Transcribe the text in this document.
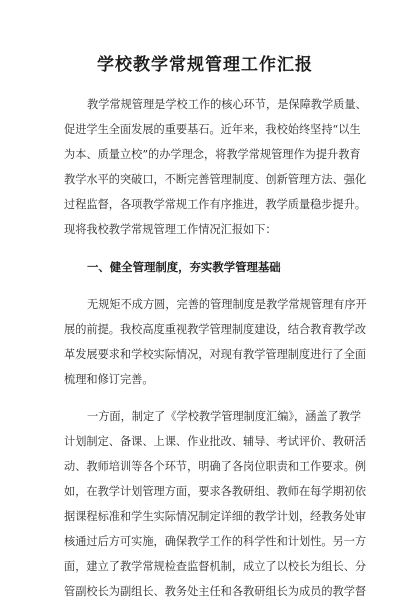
学校教学常规管理工作汇报
教学常规管理是学校工作的核心环节，是保障教学质量、
促进学生全面发展的重要基石。近年来，我校始终坚持“以生
为本、质量立校”的办学理念，将教学常规管理作为提升教育
教学水平的突破口，不断完善管理制度、创新管理方法、强化
过程监督，各项教学常规工作有序推进，教学质量稳步提升。
现将我校教学常规管理工作情况汇报如下：
一、健全管理制度，夯实教学管理基础
无规矩不成方圆，完善的管理制度是教学常规管理有序开
展的前提。我校高度重视教学管理制度建设，结合教育教学改
革发展要求和学校实际情况，对现有教学管理制度进行了全面
梳理和修订完善。
一方面，制定了《学校教学管理制度汇编》，涵盖了教学
计划制定、备课、上课、作业批改、辅导、考试评价、教研活
动、教师培训等各个环节，明确了各岗位职责和工作要求。例
如，在教学计划管理方面，要求各教研组、教师在每学期初依
据课程标准和学生实际情况制定详细的教学计划，经教务处审
核通过后方可实施，确保教学工作的科学性和计划性。另一方
面，建立了教学常规检查监督机制，成立了以校长为组长、分
管副校长为副组长、教务处主任和各教研组长为成员的教学督
